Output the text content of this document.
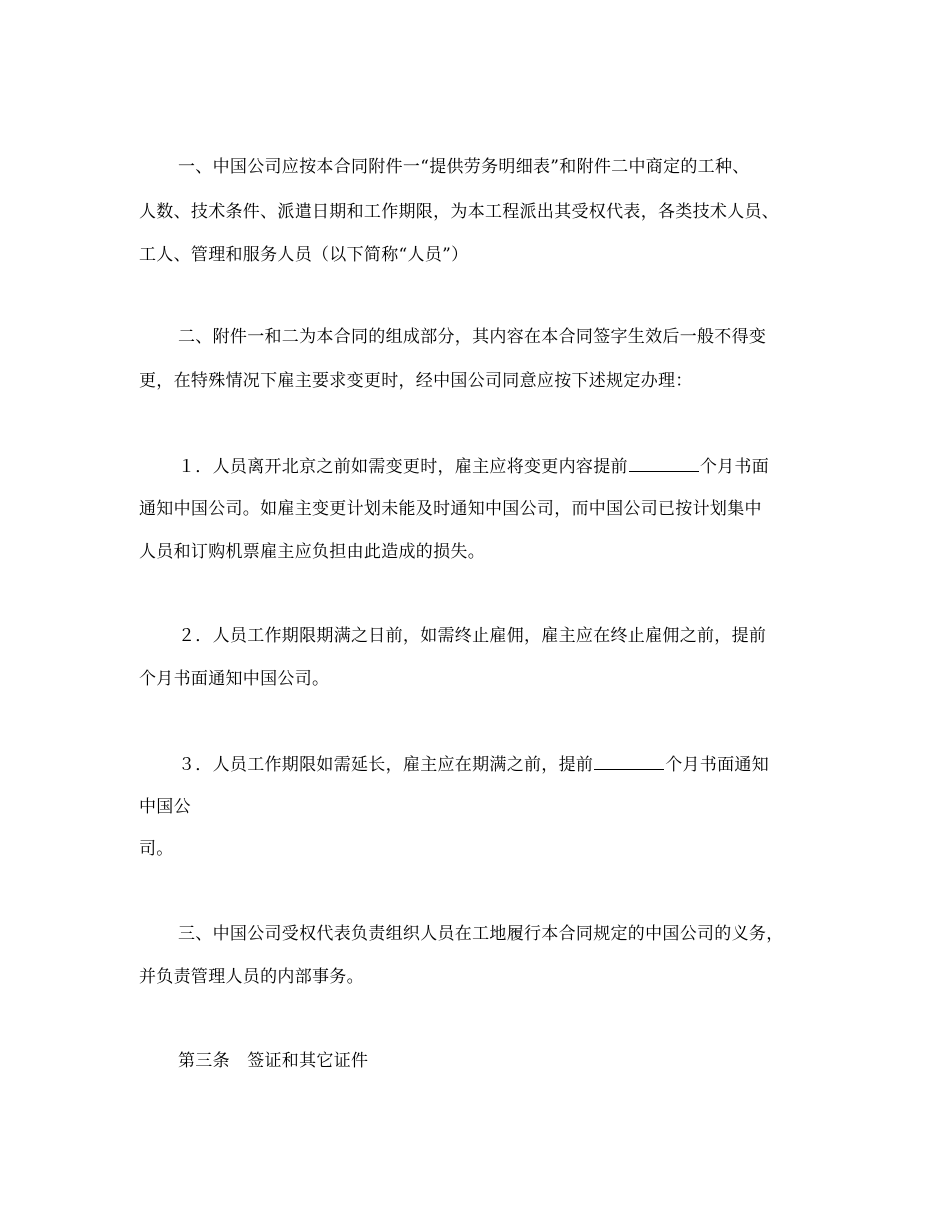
一、中国公司应按本合同附件一“提供劳务明细表”和附件二中商定的工种、
人数、技术条件、派遣日期和工作期限，为本工程派出其受权代表，各类技术人员、
工人、管理和服务人员（以下简称“人员”）
二、附件一和二为本合同的组成部分，其内容在本合同签字生效后一般不得变
更，在特殊情况下雇主要求变更时，经中国公司同意应按下述规定办理：
１．人员离开北京之前如需变更时，雇主应将变更内容提前	个月书面
通知中国公司。如雇主变更计划未能及时通知中国公司，而中国公司已按计划集中
人员和订购机票雇主应负担由此造成的损失。
２．人员工作期限期满之日前，如需终止雇佣，雇主应在终止雇佣之前，提前
个月书面通知中国公司。
３．人员工作期限如需延长，雇主应在期满之前，提前	个月书面通知
中国公
司。
三、中国公司受权代表负责组织人员在工地履行本合同规定的中国公司的义务，
并负责管理人员的内部事务。
第三条　签证和其它证件
